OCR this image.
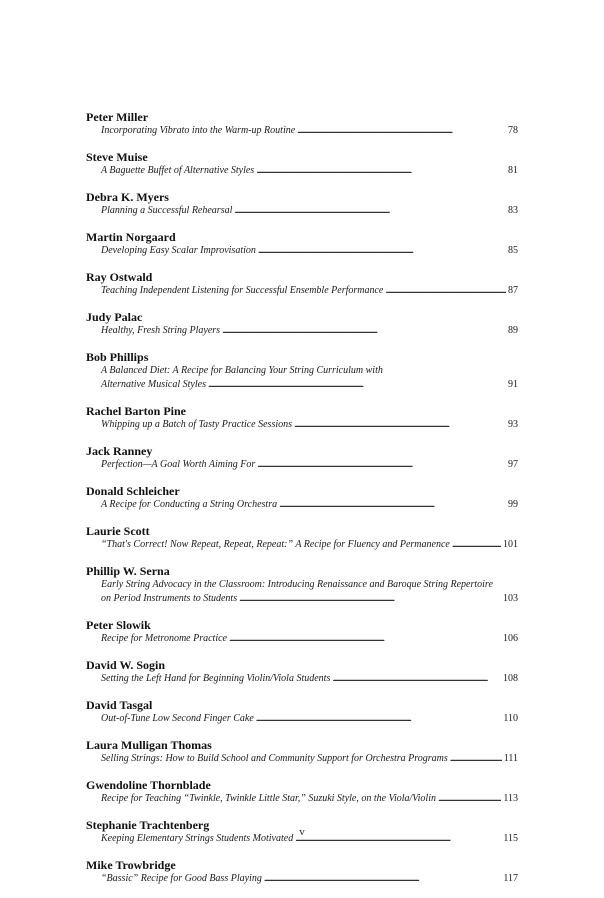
Peter Miller
Incorporating Vibrato into the Warm-up Routine . . .	78
Steve Muise
A Baguette Buffet of Alternative Styles . . .	81
Debra K. Myers
Planning a Successful Rehearsal . . .	83
Martin Norgaard
Developing Easy Scalar Improvisation . . .	85
Ray Ostwald
Teaching Independent Listening for Successful Ensemble Performance . . .	87
Judy Palac
Healthy, Fresh String Players . . .	89
Bob Phillips
A Balanced Diet: A Recipe for Balancing Your String Curriculum with
Alternative Musical Styles . . .	91
Rachel Barton Pine
Whipping up a Batch of Tasty Practice Sessions . . .	93
Jack Ranney
Perfection—A Goal Worth Aiming For . . .	97
Donald Schleicher
A Recipe for Conducting a String Orchestra . . .	99
Laurie Scott
“That's Correct! Now Repeat, Repeat, Repeat:” A Recipe for Fluency and Permanence . . .	101
Phillip W. Serna
Early String Advocacy in the Classroom: Introducing Renaissance and Baroque String Repertoire
on Period Instruments to Students . . .	103
Peter Slowik
Recipe for Metronome Practice . . .	106
David W. Sogin
Setting the Left Hand for Beginning Violin/Viola Students . . .	108
David Tasgal
Out-of-Tune Low Second Finger Cake . . .	110
Laura Mulligan Thomas
Selling Strings: How to Build School and Community Support for Orchestra Programs . . .	111
Gwendoline Thornblade
Recipe for Teaching “Twinkle, Twinkle Little Star,” Suzuki Style, on the Viola/Violin . . .	113
Stephanie Trachtenberg
Keeping Elementary Strings Students Motivated . . .	115
Mike Trowbridge
“Bassic” Recipe for Good Bass Playing . . .	117
v
